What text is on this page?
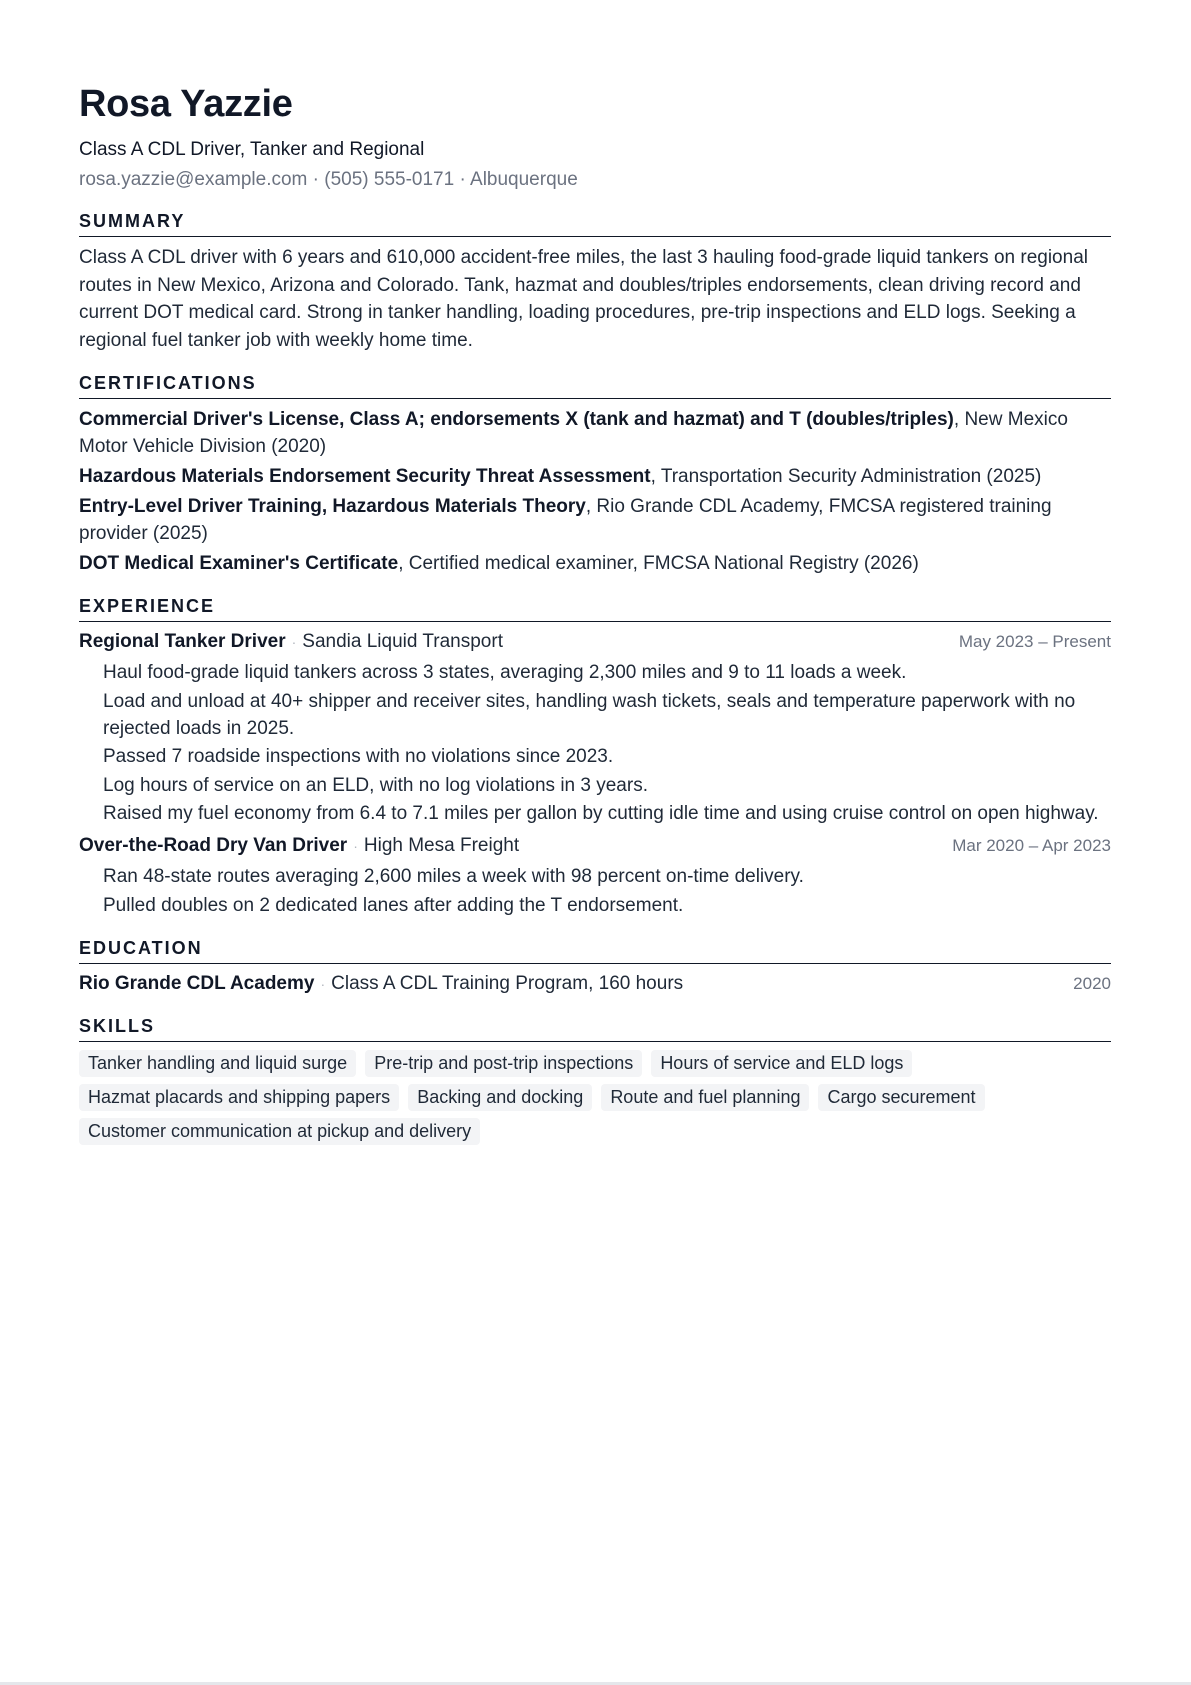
Rosa Yazzie
Class A CDL Driver, Tanker and Regional
rosa.yazzie@example.com · (505) 555-0171 · Albuquerque
SUMMARY

Class A CDL driver with 6 years and 610,000 accident-free miles, the last 3 hauling food-grade liquid tankers on regional routes in New Mexico, Arizona and Colorado. Tank, hazmat and doubles/triples endorsements, clean driving record and current DOT medical card. Strong in tanker handling, loading procedures, pre-trip inspections and ELD logs. Seeking a regional fuel tanker job with weekly home time.

CERTIFICATIONS
Commercial Driver's License, Class A; endorsements X (tank and hazmat) and T (doubles/triples), New Mexico Motor Vehicle Division (2020)
Hazardous Materials Endorsement Security Threat Assessment, Transportation Security Administration (2025)
Entry-Level Driver Training, Hazardous Materials Theory, Rio Grande CDL Academy, FMCSA registered training provider (2025)
DOT Medical Examiner's Certificate, Certified medical examiner, FMCSA National Registry (2026)
EXPERIENCE
Regional Tanker Driver · Sandia Liquid Transport	May 2023 – Present
Haul food-grade liquid tankers across 3 states, averaging 2,300 miles and 9 to 11 loads a week.
Load and unload at 40+ shipper and receiver sites, handling wash tickets, seals and temperature paperwork with no rejected loads in 2025.
Passed 7 roadside inspections with no violations since 2023.
Log hours of service on an ELD, with no log violations in 3 years.
Raised my fuel economy from 6.4 to 7.1 miles per gallon by cutting idle time and using cruise control on open highway.
Over-the-Road Dry Van Driver · High Mesa Freight	Mar 2020 – Apr 2023
Ran 48-state routes averaging 2,600 miles a week with 98 percent on-time delivery.
Pulled doubles on 2 dedicated lanes after adding the T endorsement.
EDUCATION
Rio Grande CDL Academy · Class A CDL Training Program, 160 hours	2020
SKILLS
Tanker handling and liquid surge	Pre-trip and post-trip inspections	Hours of service and ELD logs
Hazmat placards and shipping papers	Backing and docking	Route and fuel planning	Cargo securement
Customer communication at pickup and delivery
